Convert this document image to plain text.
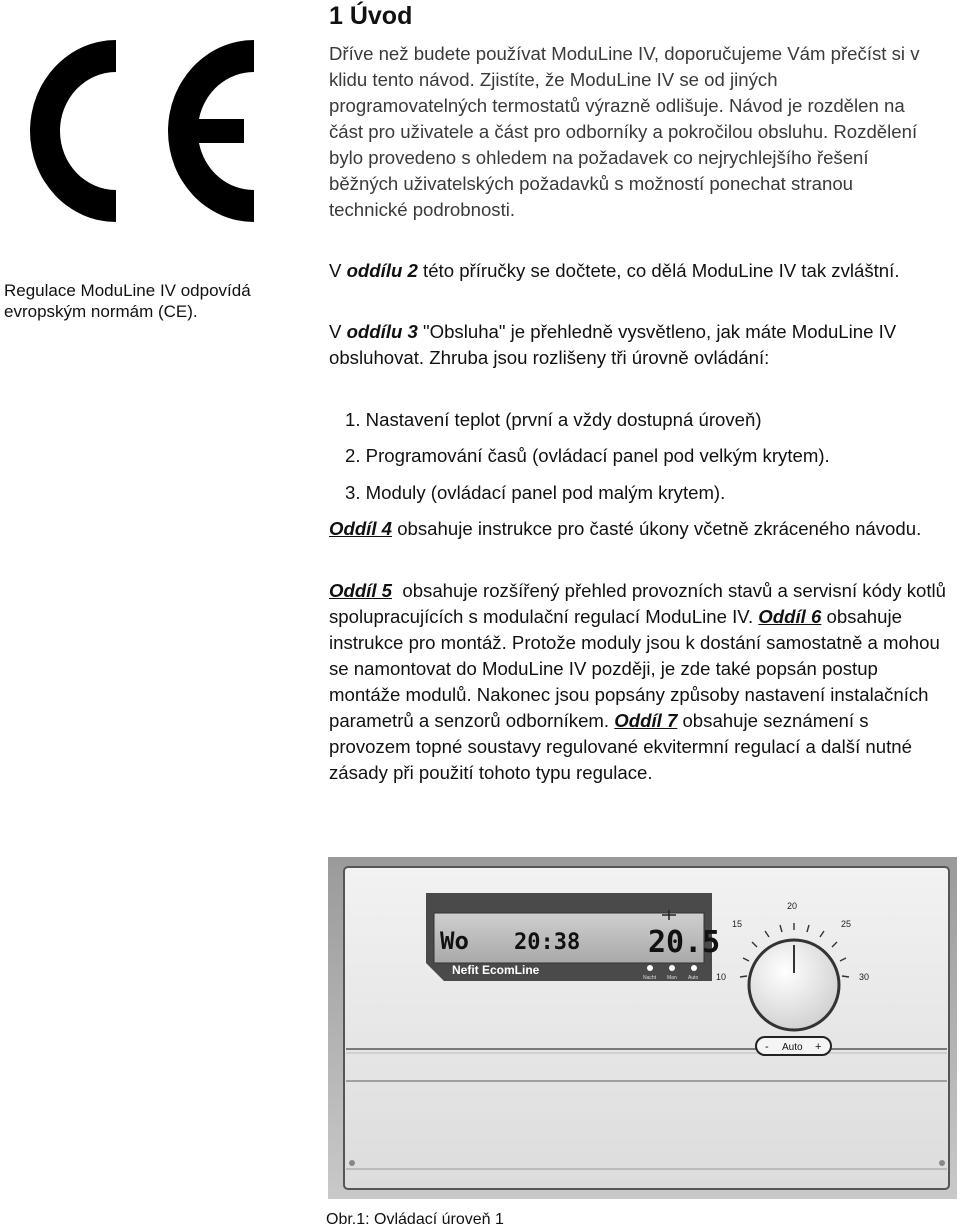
Regulace ModuLine IV odpovídá evropským normám (CE).
1 Úvod
Dříve než budete používat ModuLine IV, doporučujeme Vám přečíst si v klidu tento návod. Zjistíte, že ModuLine IV se od jiných programovatelných termostatů výrazně odlišuje. Návod je rozdělen na část pro uživatele a část pro odborníky a pokročilou obsluhu. Rozdělení bylo provedeno s ohledem na požadavek co nejrychlejšího řešení běžných uživatelských požadavků s možností ponechat stranou technické podrobnosti.
V oddílu 2 této příručky se dočtete, co dělá ModuLine IV tak zvláštní.
V oddílu 3 "Obsluha" je přehledně vysvětleno, jak máte ModuLine IV obsluhovat. Zhruba jsou rozlišeny tři úrovně ovládání:
1. Nastavení teplot (první a vždy dostupná úroveň)
2. Programování časů (ovládací panel pod velkým krytem).
3. Moduly (ovládací panel pod malým krytem).
Oddíl 4 obsahuje instrukce pro časté úkony včetně zkráceného návodu.
Oddíl 5  obsahuje rozšířený přehled provozních stavů a servisní kódy kotlů spolupracujících s modulační regulací ModuLine IV. Oddíl 6 obsahuje instrukce pro montáž. Protože moduly jsou k dostání samostatně a mohou se namontovat do ModuLine IV později, je zde také popsán postup montáže modulů. Nakonec jsou popsány způsoby nastavení instalačních parametrů a senzorů odborníkem. Oddíl 7 obsahuje seznámení s provozem topné soustavy regulované ekvitermní regulací a další nutné zásady při použití tohoto typu regulace.
Wo 20:38 20.5
Nefit EcomLine
Nacht Man Auto 10
15
20
25
30
- Auto +
Obr.1: Ovládací úroveň 1
